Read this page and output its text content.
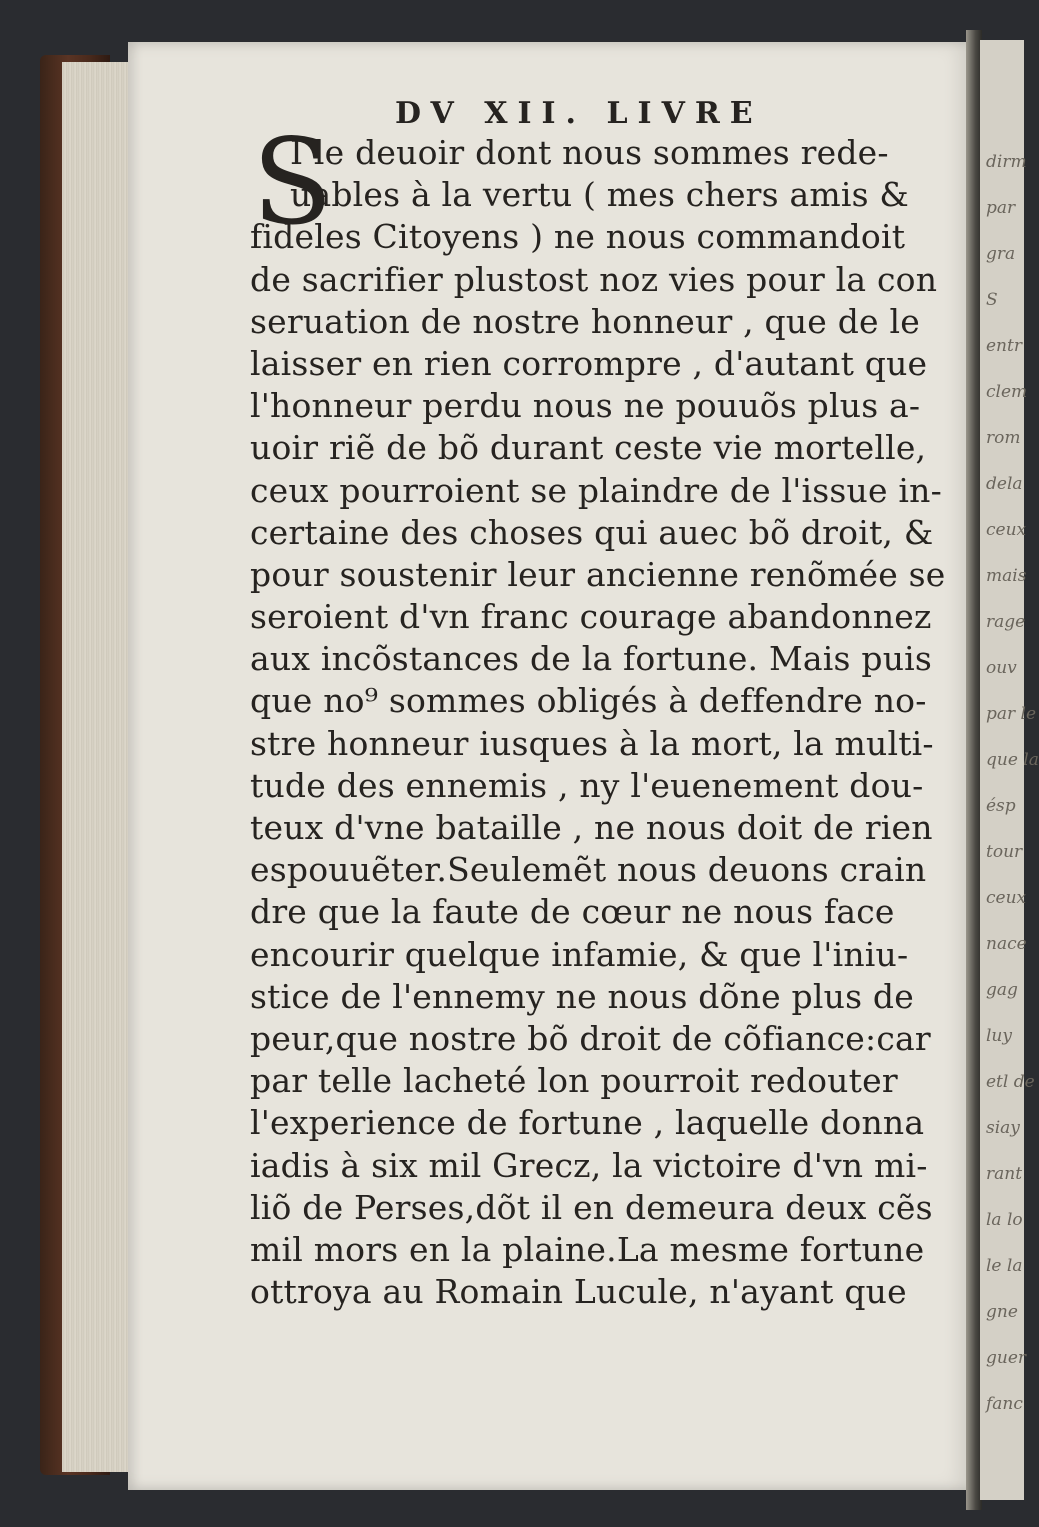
dirm
par
gra
S
entr
clem
rom
dela
ceux
mais
rage
ouv
par le
que la
ésp
tour
ceux
nace
gag
luy
etl de
siay
rant
la lo
le la
gne
guer
fanc
DV XII. LIVRE
S
I le deuoir dont nous sommes rede-
uables à la vertu ( mes chers amis &
fideles Citoyens ) ne nous commandoit
de sacrifier plustost noz vies pour la con
seruation de nostre honneur , que de le
laisser en rien corrompre , d'autant que
l'honneur perdu nous ne pouuõs plus a-
uoir riẽ de bõ durant ceste vie mortelle,
ceux pourroient se plaindre de l'issue in-
certaine des choses qui auec bõ droit, &
pour soustenir leur ancienne renõmée se
seroient d'vn franc courage abandonnez
aux incõstances de la fortune. Mais puis
que no⁹ sommes obligés à deffendre no-
stre honneur iusques à la mort, la multi-
tude des ennemis , ny l'euenement dou-
teux d'vne bataille , ne nous doit de rien
espouuẽter.Seulemẽt nous deuons crain
dre que la faute de cœur ne nous face
encourir quelque infamie, & que l'iniu-
stice de l'ennemy ne nous dõne plus de
peur,que nostre bõ droit de cõfiance:car
par telle lacheté lon pourroit redouter
l'experience de fortune , laquelle donna
iadis à six mil Grecz, la victoire d'vn mi-
liõ de Perses,dõt il en demeura deux cẽs
mil mors en la plaine.La mesme fortune
ottroya au Romain Lucule, n'ayant que
